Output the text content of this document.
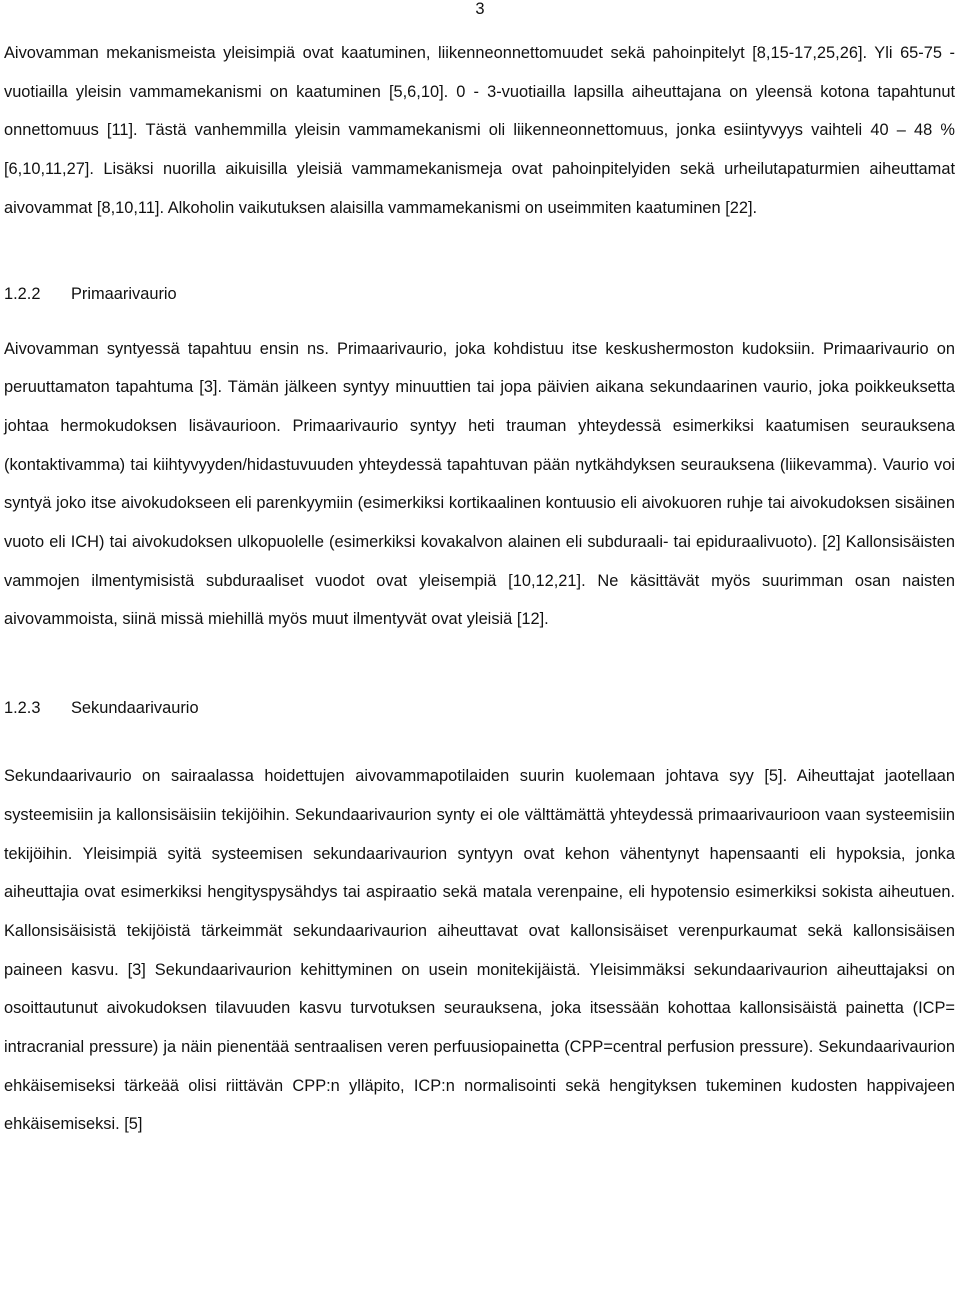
3

Aivovamman mekanismeista yleisimpiä ovat kaatuminen, liikenneonnettomuudet sekä pahoinpitelyt [8,15-17,25,26]. Yli 65-75 -vuotiailla yleisin vammamekanismi on kaatuminen [5,6,10]. 0 - 3-vuotiailla lapsilla aiheuttajana on yleensä kotona tapahtunut onnettomuus [11]. Tästä vanhemmilla yleisin vammamekanismi oli liikenneonnettomuus, jonka esiintyvyys vaihteli 40 – 48 % [6,10,11,27]. Lisäksi nuorilla aikuisilla yleisiä vammamekanismeja ovat pahoinpitelyiden sekä urheilutapaturmien aiheuttamat aivovammat [8,10,11]. Alkoholin vaikutuksen alaisilla vammamekanismi on useimmiten kaatuminen [22].

1.2.2 Primaarivaurio

Aivovamman syntyessä tapahtuu ensin ns. Primaarivaurio, joka kohdistuu itse keskushermoston kudoksiin. Primaarivaurio on peruuttamaton tapahtuma [3]. Tämän jälkeen syntyy minuuttien tai jopa päivien aikana sekundaarinen vaurio, joka poikkeuksetta johtaa hermokudoksen lisävaurioon. Primaarivaurio syntyy heti trauman yhteydessä esimerkiksi kaatumisen seurauksena (kontaktivamma) tai kiihtyvyyden/hidastuvuuden yhteydessä tapahtuvan pään nytkähdyksen seurauksena (liikevamma). Vaurio voi syntyä joko itse aivokudokseen eli parenkyymiin (esimerkiksi kortikaalinen kontuusio eli aivokuoren ruhje tai aivokudoksen sisäinen vuoto eli ICH) tai aivokudoksen ulkopuolelle (esimerkiksi kovakalvon alainen eli subduraali- tai epiduraalivuoto). [2] Kallonsisäisten vammojen ilmentymisistä subduraaliset vuodot ovat yleisempiä [10,12,21]. Ne käsittävät myös suurimman osan naisten aivovammoista, siinä missä miehillä myös muut ilmentyvät ovat yleisiä [12].

1.2.3 Sekundaarivaurio

Sekundaarivaurio on sairaalassa hoidettujen aivovammapotilaiden suurin kuolemaan johtava syy [5]. Aiheuttajat jaotellaan systeemisiin ja kallonsisäisiin tekijöihin. Sekundaarivaurion synty ei ole välttämättä yhteydessä primaarivaurioon vaan systeemisiin tekijöihin. Yleisimpiä syitä systeemisen sekundaarivaurion syntyyn ovat kehon vähentynyt hapensaanti eli hypoksia, jonka aiheuttajia ovat esimerkiksi hengityspysähdys tai aspiraatio sekä matala verenpaine, eli hypotensio esimerkiksi sokista aiheutuen. Kallonsisäisistä tekijöistä tärkeimmät sekundaarivaurion aiheuttavat ovat kallonsisäiset verenpurkaumat sekä kallonsisäisen paineen kasvu. [3] Sekundaarivaurion kehittyminen on usein monitekijäistä. Yleisimmäksi sekundaarivaurion aiheuttajaksi on osoittautunut aivokudoksen tilavuuden kasvu turvotuksen seurauksena, joka itsessään kohottaa kallonsisäistä painetta (ICP= intracranial pressure) ja näin pienentää sentraalisen veren perfuusiopainetta (CPP=central perfusion pressure). Sekundaarivaurion ehkäisemiseksi tärkeää olisi riittävän CPP:n ylläpito, ICP:n normalisointi sekä hengityksen tukeminen kudosten happivajeen ehkäisemiseksi. [5]
